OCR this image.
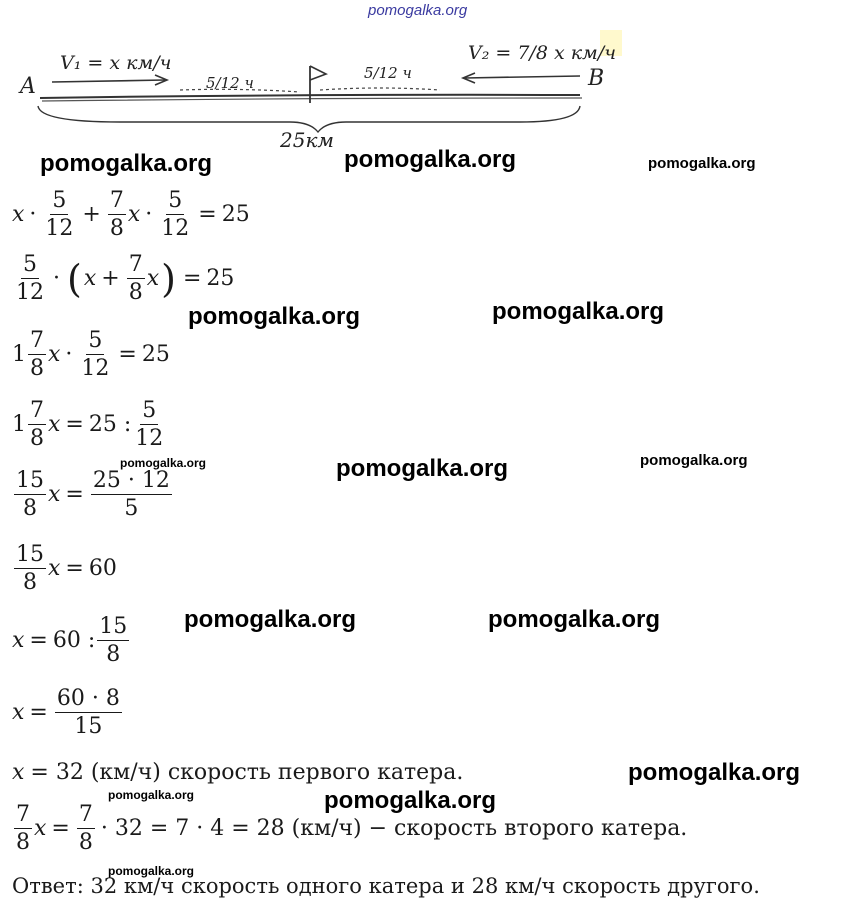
pomogalka.org
A	B
V₁ = x км/ч	V₂ = 7/8 x км/ч
5/12 ч
5/12 ч
25км
pomogalka.org	pomogalka.org	pomogalka.org
pomogalka.org	pomogalka.org
pomogalka.org	pomogalka.org	pomogalka.org
pomogalka.org	pomogalka.org
pomogalka.org
pomogalka.org	pomogalka.org
pomogalka.org
$x \cdot \frac{5}{12} + \frac{7}{8}$ $x \cdot \frac{5}{12} = 25$
$\frac{5}{12}$ · ( $x + \frac{7}{8}$ x ) = 25
$1 \frac{7}{8}$ $x \cdot \frac{5}{12} = 25$
$1 \frac{7}{8}$ x = 25 : $\frac{5}{12}$
$\frac{15}{8}$ $x = \frac{25 \cdot 12}{5}$
$\frac{15}{8}$ x = 60
x = 60 : $\frac{15}{8}$
$x = \frac{60 \cdot 8}{15}$
x = 32 (км/ч) скорость первого катера.
$\frac{7}{8}$ $x = \frac{7}{8} \cdot 32 = 7 \cdot 4 = 28$ (км/ч) − скорость второго катера.
Ответ: 32 км/ч скорость одного катера и 28 км/ч скорость другого.
